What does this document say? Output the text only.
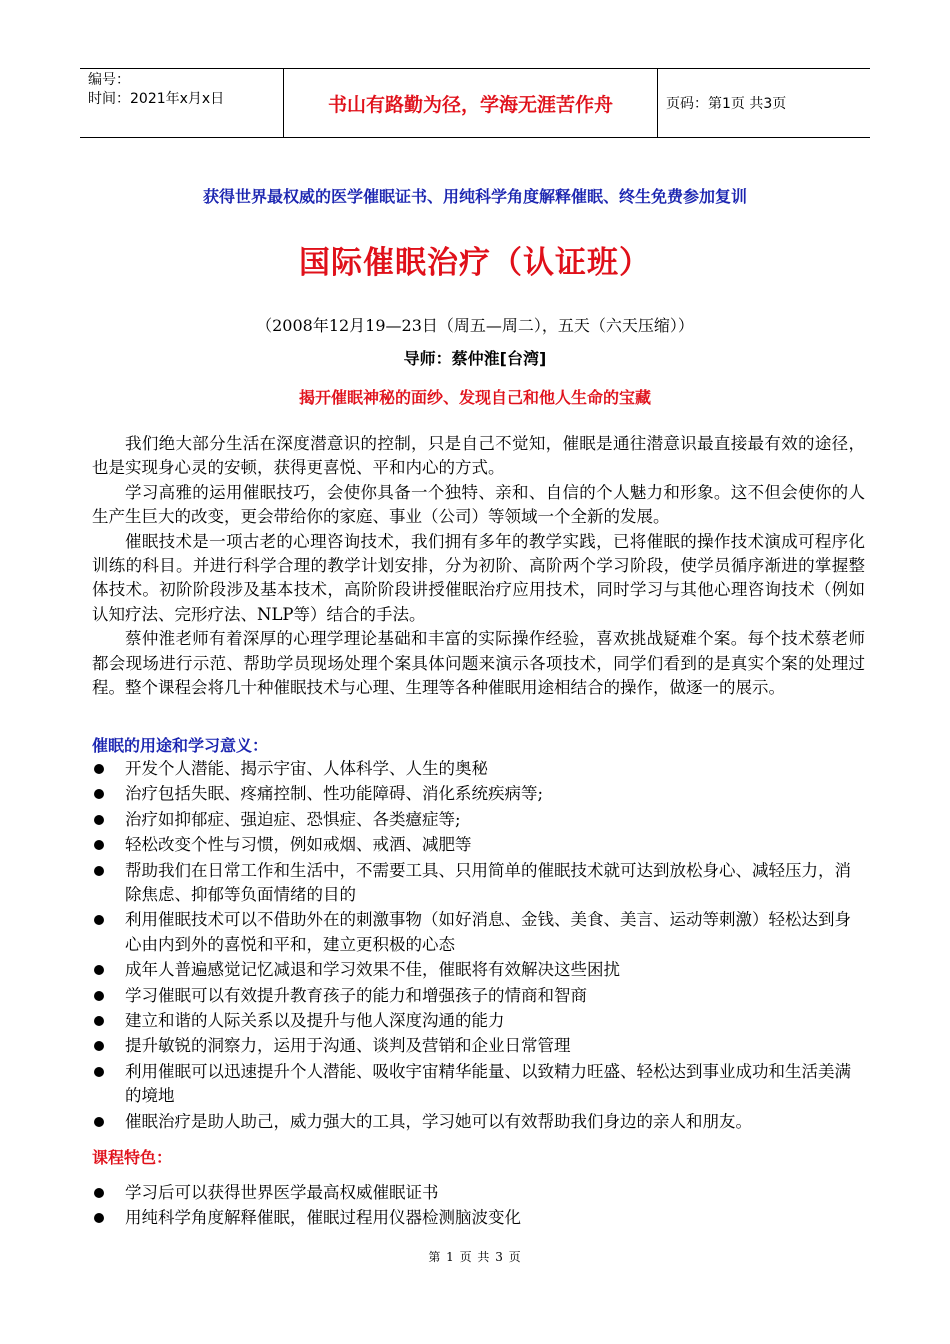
编号：
时间：2021年x月x日	书山有路勤为径，学海无涯苦作舟	页码：第1页 共3页
获得世界最权威的医学催眠证书、用纯科学角度解释催眠、终生免费参加复训
国际催眠治疗（认证班）
（2008年12月19—23日（周五—周二），五天（六天压缩））
导师：蔡仲淮[台湾]
揭开催眠神秘的面纱、发现自己和他人生命的宝藏

我们绝大部分生活在深度潜意识的控制，只是自己不觉知，催眠是通往潜意识最直接最有效的途径，也是实现身心灵的安顿，获得更喜悦、平和内心的方式。

学习高雅的运用催眠技巧，会使你具备一个独特、亲和、自信的个人魅力和形象。这不但会使你的人生产生巨大的改变，更会带给你的家庭、事业（公司）等领域一个全新的发展。

催眠技术是一项古老的心理咨询技术，我们拥有多年的教学实践，已将催眠的操作技术演成可程序化训练的科目。并进行科学合理的教学计划安排，分为初阶、高阶两个学习阶段，使学员循序渐进的掌握整体技术。初阶阶段涉及基本技术，高阶阶段讲授催眠治疗应用技术，同时学习与其他心理咨询技术（例如认知疗法、完形疗法、NLP等）结合的手法。

蔡仲淮老师有着深厚的心理学理论基础和丰富的实际操作经验，喜欢挑战疑难个案。每个技术蔡老师都会现场进行示范、帮助学员现场处理个案具体问题来演示各项技术，同学们看到的是真实个案的处理过程。整个课程会将几十种催眠技术与心理、生理等各种催眠用途相结合的操作，做逐一的展示。

催眠的用途和学习意义：
开发个人潜能、揭示宇宙、人体科学、人生的奥秘
治疗包括失眠、疼痛控制、性功能障碍、消化系统疾病等;
治疗如抑郁症、强迫症、恐惧症、各类癔症等;
轻松改变个性与习惯，例如戒烟、戒酒、减肥等
帮助我们在日常工作和生活中，不需要工具、只用简单的催眠技术就可达到放松身心、减轻压力，消除焦虑、抑郁等负面情绪的目的
利用催眠技术可以不借助外在的刺激事物（如好消息、金钱、美食、美言、运动等刺激）轻松达到身心由内到外的喜悦和平和，建立更积极的心态
成年人普遍感觉记忆减退和学习效果不佳，催眠将有效解决这些困扰
学习催眠可以有效提升教育孩子的能力和增强孩子的情商和智商
建立和谐的人际关系以及提升与他人深度沟通的能力
提升敏锐的洞察力，运用于沟通、谈判及营销和企业日常管理
利用催眠可以迅速提升个人潜能、吸收宇宙精华能量、以致精力旺盛、轻松达到事业成功和生活美满的境地
催眠治疗是助人助己，威力强大的工具，学习她可以有效帮助我们身边的亲人和朋友。
课程特色：
学习后可以获得世界医学最高权威催眠证书
用纯科学角度解释催眠，催眠过程用仪器检测脑波变化
第 1 页 共 3 页
